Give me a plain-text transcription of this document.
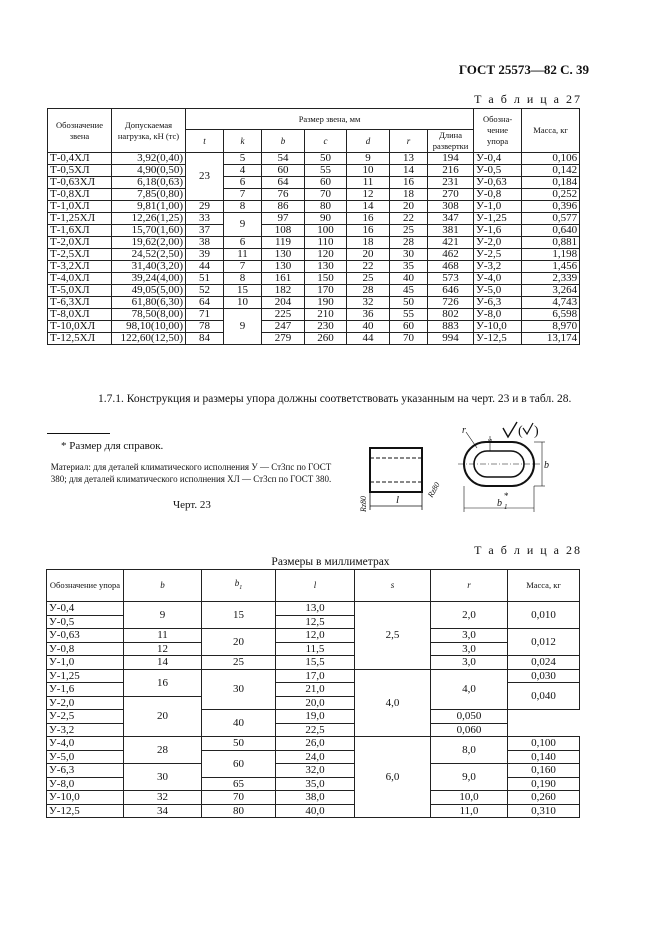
ГОСТ 25573—82 С. 39
Т а б л и ц а 27
Обозначение звена	Допускаемая нагрузка, кН (тс)	Размер звена, мм							Обозна-чение упора	Масса, кг
		t	k	b	c	d	r	Длина развертки		
Т-0,4ХЛ	3,92(0,40)	23	5	54	50	9	13	194	У-0,4	0,106
Т-0,5ХЛ	4,90(0,50)		4	60	55	10	14	216	У-0,5	0,142
Т-0,63ХЛ	6,18(0,63)		6	64	60	11	16	231	У-0,63	0,184
Т-0,8ХЛ	7,85(0,80)		7	76	70	12	18	270	У-0,8	0,252
Т-1,0ХЛ	9,81(1,00)	29	8	86	80	14	20	308	У-1,0	0,396
Т-1,25ХЛ	12,26(1,25)	33	9	97	90	16	22	347	У-1,25	0,577
Т-1,6ХЛ	15,70(1,60)	37		108	100	16	25	381	У-1,6	0,640
Т-2,0ХЛ	19,62(2,00)	38	6	119	110	18	28	421	У-2,0	0,881
Т-2,5ХЛ	24,52(2,50)	39	11	130	120	20	30	462	У-2,5	1,198
Т-3,2ХЛ	31,40(3,20)	44	7	130	130	22	35	468	У-3,2	1,456
Т-4,0ХЛ	39,24(4,00)	51	8	161	150	25	40	573	У-4,0	2,339
Т-5,0ХЛ	49,05(5,00)	52	15	182	170	28	45	646	У-5,0	3,264
Т-6,3ХЛ	61,80(6,30)	64	10	204	190	32	50	726	У-6,3	4,743
Т-8,0ХЛ	78,50(8,00)	71	9	225	210	36	55	802	У-8,0	6,598
Т-10,0ХЛ	98,10(10,00)	78		247	230	40	60	883	У-10,0	8,970
Т-12,5ХЛ	122,60(12,50)	84		279	260	44	70	994	У-12,5	13,174
1.7.1. Конструкция и размеры упора должны соответствовать указанным на черт. 23 и в табл. 28.
* Размер для справок.
Материал: для деталей климатического исполнения У — Ст3пс по ГОСТ 380; для деталей климатического исполнения ХЛ — Ст3сп по ГОСТ 380.
Черт. 23
( )
l
Rz80
Rz80
b
b 1
*
r
s
Т а б л и ц а 28
Размеры в миллиметрах
Обозначение упора	b	$b_1$	l	s	r	Масса, кг
У-0,4	9	15	13,0	2,5	2,0	0,010
У-0,5			12,5			
У-0,63	11	20	12,0		3,0	0,012
У-0,8	12		11,5		3,0	
У-1,0	14	25	15,5		3,0	0,024
У-1,25	16	30	17,0	4,0	4,0	0,030
У-1,6			21,0			0,040
У-2,0	20		20,0			
У-2,5		40	19,0		0,050	
У-3,2			22,5		0,060	
У-4,0	28	50	26,0	6,0	8,0	0,100
У-5,0		60	24,0			0,140
У-6,3	30		32,0		9,0	0,160
У-8,0		65	35,0			0,190
У-10,0	32	70	38,0		10,0	0,260
У-12,5	34	80	40,0		11,0	0,310
